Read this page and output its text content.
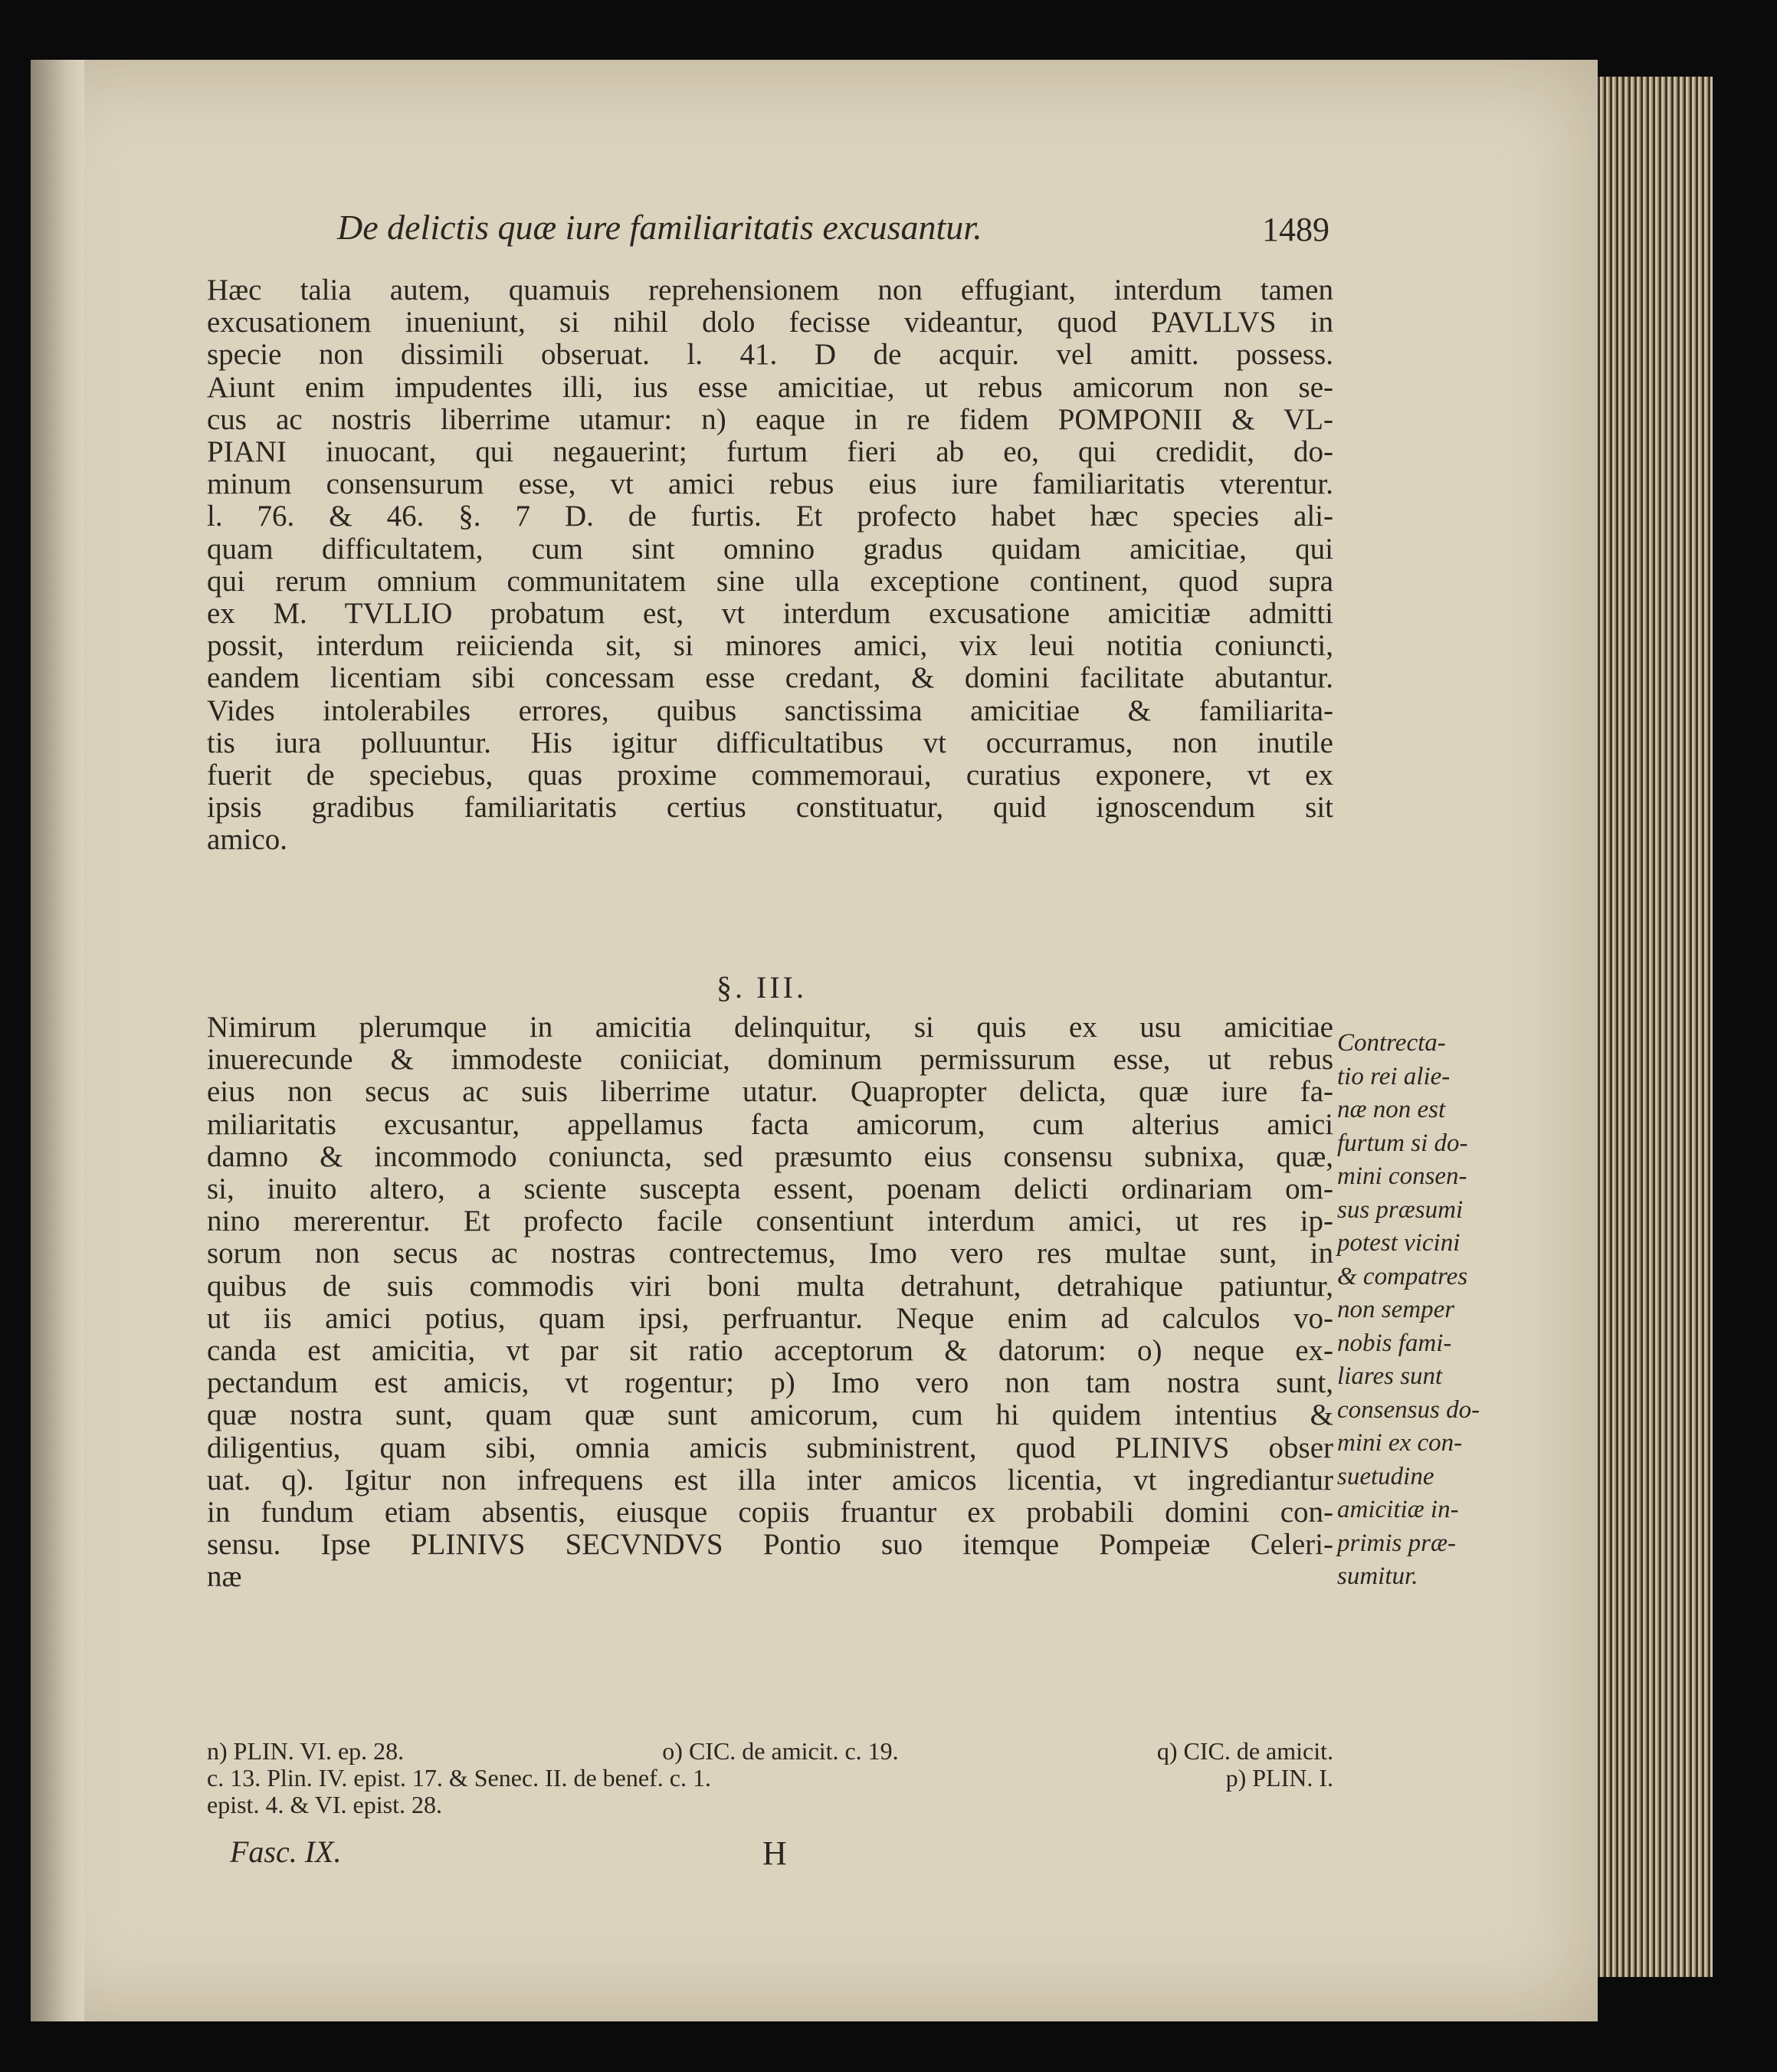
De delictis quæ iure familiaritatis excusantur.	1489
Hæc talia autem, quamuis reprehensionem non effugiant, interdum tamen
excusationem inueniunt, si nihil dolo fecisse videantur, quod PAVLLVS in
specie non dissimili obseruat. l. 41. D de acquir. vel amitt. possess.
Aiunt enim impudentes illi, ius esse amicitiae, ut rebus amicorum non se-
cus ac nostris liberrime utamur: n) eaque in re fidem POMPONII & VL-
PIANI inuocant, qui negauerint; furtum fieri ab eo, qui credidit, do-
minum consensurum esse, vt amici rebus eius iure familiaritatis vterentur.
l. 76. & 46. §. 7 D. de furtis. Et profecto habet hæc species ali-
quam difficultatem, cum sint omnino gradus quidam amicitiae, qui
qui rerum omnium communitatem sine ulla exceptione continent, quod supra
ex M. TVLLIO probatum est, vt interdum excusatione amicitiæ admitti
possit, interdum reiicienda sit, si minores amici, vix leui notitia coniuncti,
eandem licentiam sibi concessam esse credant, & domini facilitate abutantur.
Vides intolerabiles errores, quibus sanctissima amicitiae & familiarita-
tis iura polluuntur. His igitur difficultatibus vt occurramus, non inutile
fuerit de speciebus, quas proxime commemoraui, curatius exponere, vt ex
ipsis gradibus familiaritatis certius constituatur, quid ignoscendum sit
amico.
§. III.
Nimirum plerumque in amicitia delinquitur, si quis ex usu amicitiae
inuerecunde & immodeste coniiciat, dominum permissurum esse, ut rebus
eius non secus ac suis liberrime utatur. Quapropter delicta, quæ iure fa-
miliaritatis excusantur, appellamus facta amicorum, cum alterius amici
damno & incommodo coniuncta, sed præsumto eius consensu subnixa, quæ,
si, inuito altero, a sciente suscepta essent, poenam delicti ordinariam om-
nino mererentur. Et profecto facile consentiunt interdum amici, ut res ip-
sorum non secus ac nostras contrectemus, Imo vero res multae sunt, in
quibus de suis commodis viri boni multa detrahunt, detrahique patiuntur,
ut iis amici potius, quam ipsi, perfruantur. Neque enim ad calculos vo-
canda est amicitia, vt par sit ratio acceptorum & datorum: o) neque ex-
pectandum est amicis, vt rogentur; p) Imo vero non tam nostra sunt,
quæ nostra sunt, quam quæ sunt amicorum, cum hi quidem intentius &
diligentius, quam sibi, omnia amicis subministrent, quod PLINIVS obser
uat. q). Igitur non infrequens est illa inter amicos licentia, vt ingrediantur
in fundum etiam absentis, eiusque copiis fruantur ex probabili domini con-
sensu. Ipse PLINIVS SECVNDVS Pontio suo itemque Pompeiæ Celeri-
næ
Contrecta-
tio rei alie-
næ non est
furtum si do-
mini consen-
sus præsumi
potest vicini
& compatres
non semper
nobis fami-
liares sunt
consensus do-
mini ex con-
suetudine
amicitiæ in-
primis præ-
sumitur.
n) PLIN. VI. ep. 28.	o) CIC. de amicit. c. 19.	q) CIC. de amicit.
c. 13. Plin. IV. epist. 17. & Senec. II. de benef. c. 1.	p) PLIN. I.
epist. 4. & VI. epist. 28.
Fasc. IX.	H
